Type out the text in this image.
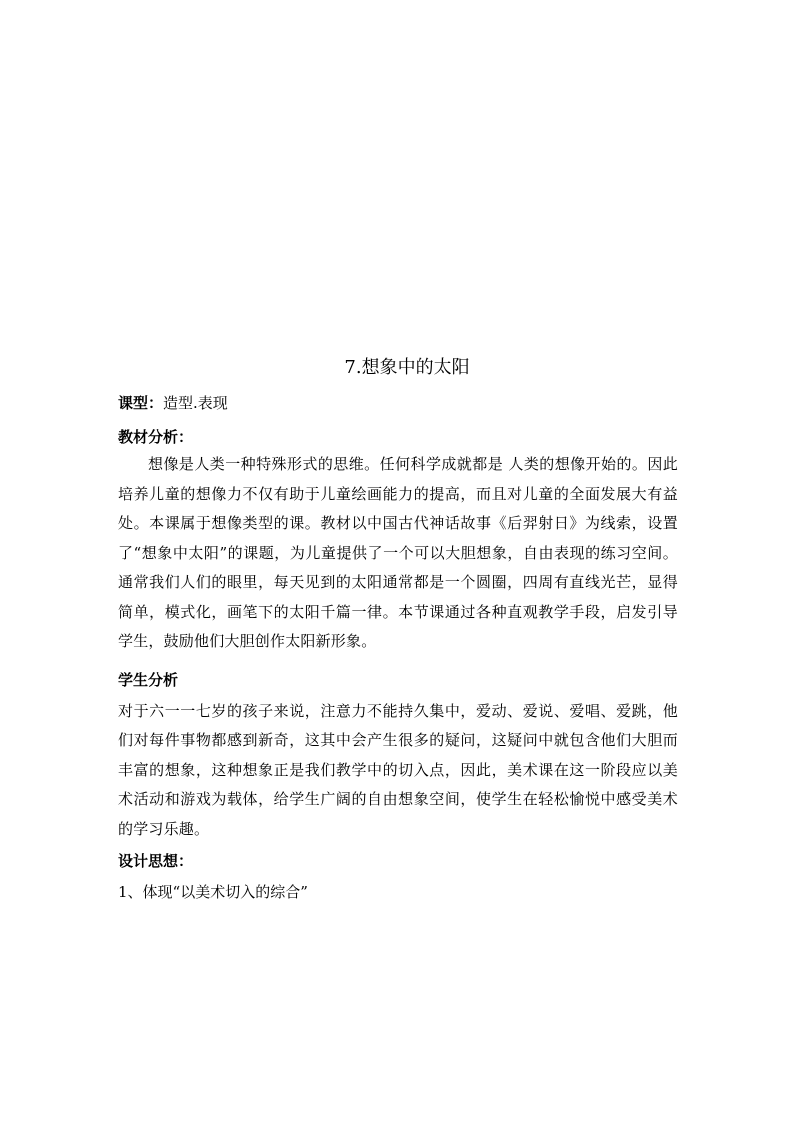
7.想象中的太阳

课型：造型.表现

教材分析：

想像是人类一种特殊形式的思维。任何科学成就都是 人类的想像开始的。因此培养儿童的想像力不仅有助于儿童绘画能力的提高，而且对儿童的全面发展大有益处。本课属于想像类型的课。教材以中国古代神话故事《后羿射日》为线索，设置了“想象中太阳”的课题，为儿童提供了一个可以大胆想象，自由表现的练习空间。通常我们人们的眼里，每天见到的太阳通常都是一个圆圈，四周有直线光芒，显得简单，模式化，画笔下的太阳千篇一律。本节课通过各种直观教学手段，启发引导学生，鼓励他们大胆创作太阳新形象。

学生分析

对于六一一七岁的孩子来说，注意力不能持久集中，爱动、爱说、爱唱、爱跳，他们对每件事物都感到新奇，这其中会产生很多的疑问，这疑问中就包含他们大胆而丰富的想象，这种想象正是我们教学中的切入点，因此，美术课在这一阶段应以美术活动和游戏为载体，给学生广阔的自由想象空间，使学生在轻松愉悦中感受美术的学习乐趣。

设计思想：

1、体现“以美术切入的综合”
